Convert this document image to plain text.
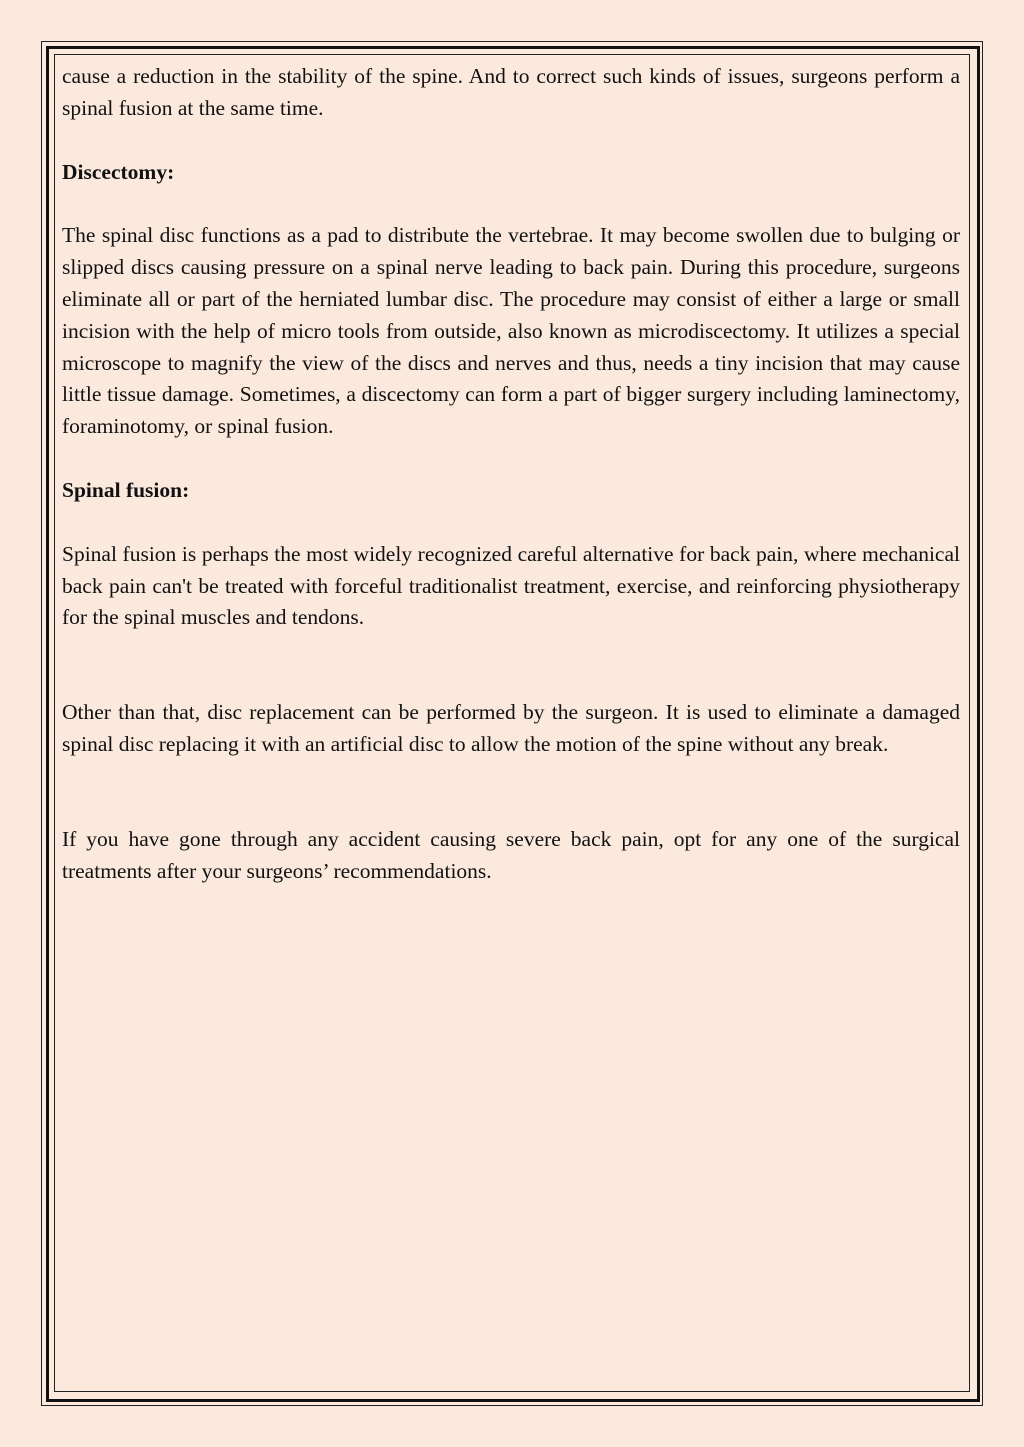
cause a reduction in the stability of the spine. And to correct such kinds of issues, surgeons perform a spinal fusion at the same time.

Discectomy:

The spinal disc functions as a pad to distribute the vertebrae. It may become swollen due to bulging or slipped discs causing pressure on a spinal nerve leading to back pain. During this procedure, surgeons eliminate all or part of the herniated lumbar disc. The procedure may consist of either a large or small incision with the help of micro tools from outside, also known as microdiscectomy. It utilizes a special microscope to magnify the view of the discs and nerves and thus, needs a tiny incision that may cause little tissue damage. Sometimes, a discectomy can form a part of bigger surgery including laminectomy, foraminotomy, or spinal fusion.

Spinal fusion:

Spinal fusion is perhaps the most widely recognized careful alternative for back pain, where mechanical back pain can't be treated with forceful traditionalist treatment, exercise, and reinforcing physiotherapy for the spinal muscles and tendons.

Other than that, disc replacement can be performed by the surgeon. It is used to eliminate a damaged spinal disc replacing it with an artificial disc to allow the motion of the spine without any break.

If you have gone through any accident causing severe back pain, opt for any one of the surgical treatments after your surgeons’ recommendations.
